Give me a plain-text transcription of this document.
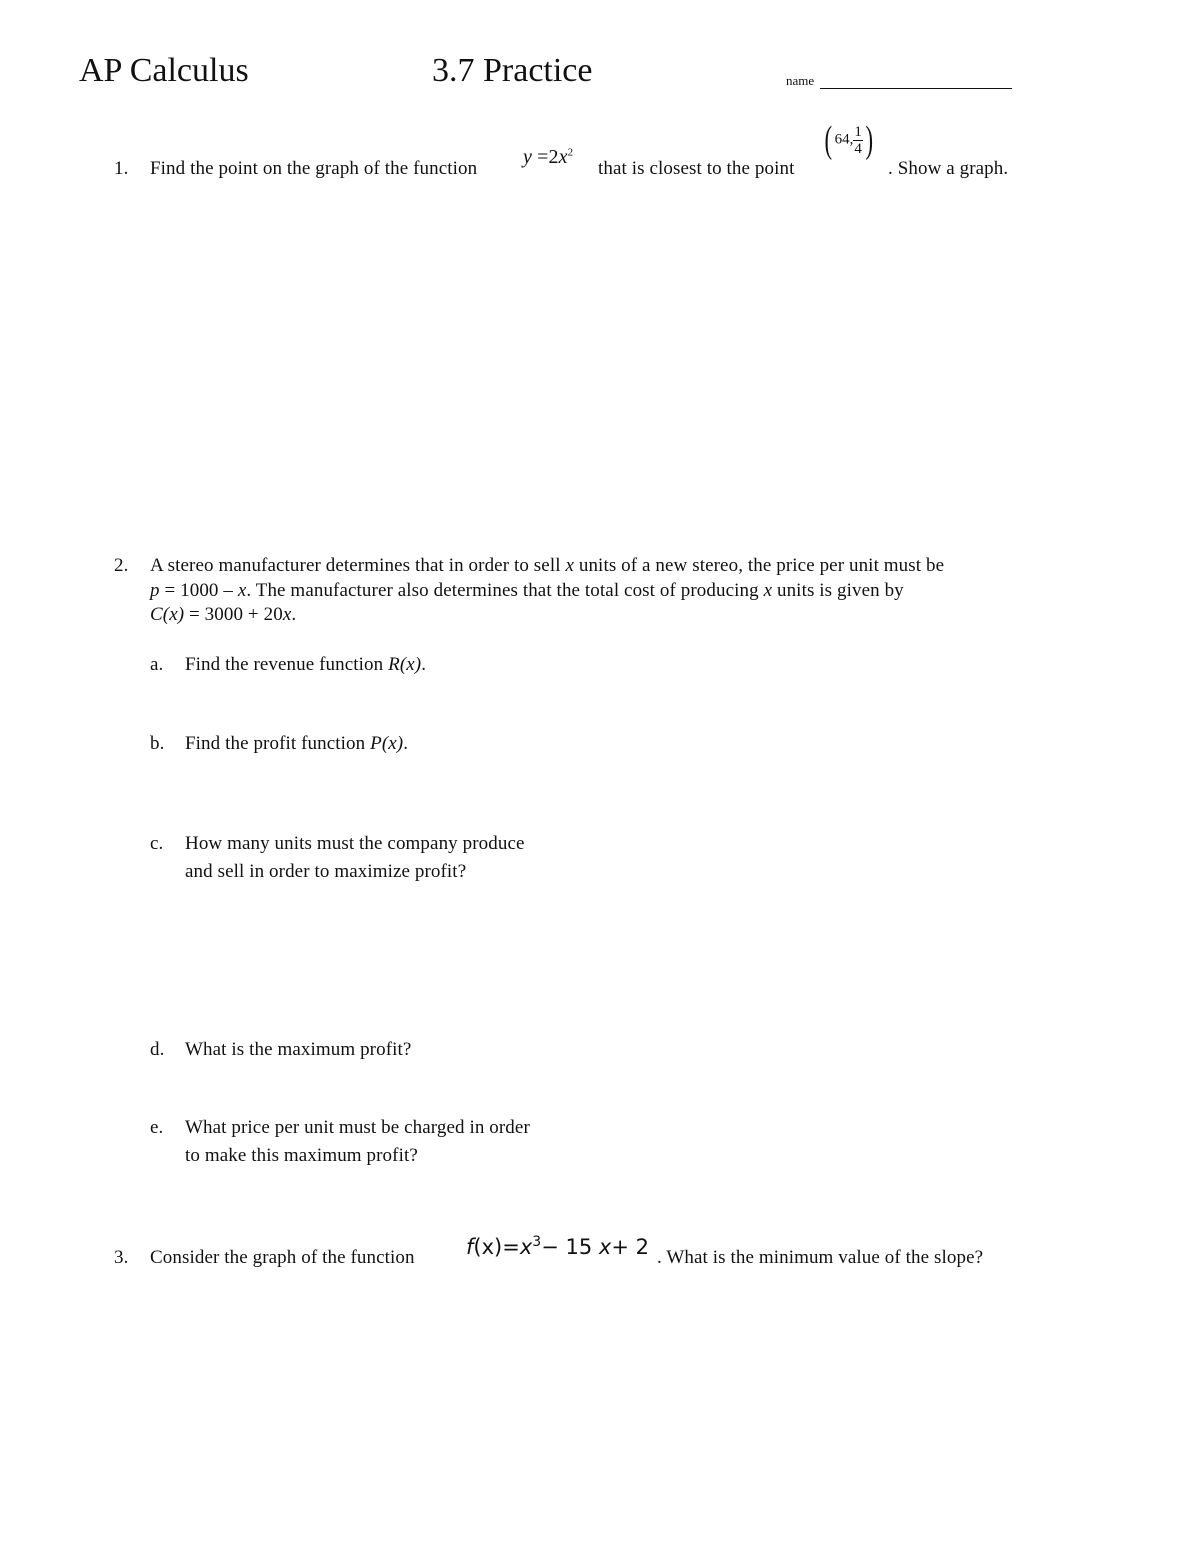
AP Calculus	3.7 Practice	name
1. Find the point on the graph of the function
$y =2x^2$
that is closest to the point
( 64, $\frac{1}{4}$ )
. Show a graph.
2. A stereo manufacturer determines that in order to sell x units of a new stereo, the price per unit must be
p = 1000 – x. The manufacturer also determines that the total cost of producing x units is given by
C(x) = 3000 + 20x.
a. Find the revenue function R(x).
b. Find the profit function P(x).
c. How many units must the company produce
and sell in order to maximize profit?
d. What is the maximum profit?
e. What price per unit must be charged in order
to make this maximum profit?
3. Consider the graph of the function $f(x)=x^3- 15$ x+ 2 . What is the minimum value of the slope?
